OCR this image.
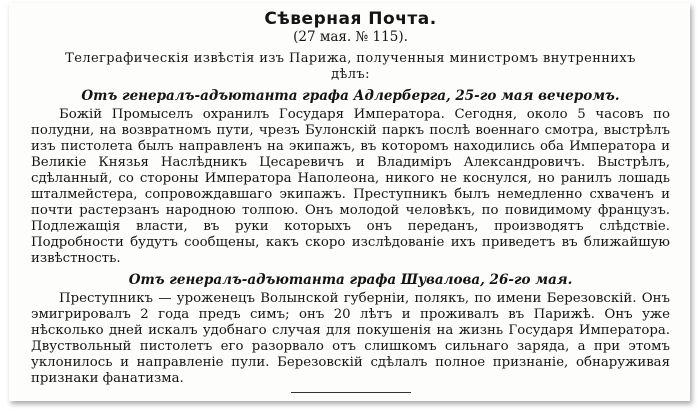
Сѣверная Почта.
(27 мая. № 115).
Телеграфическія извѣстія изъ Парижа, полученныя министромъ внутреннихъ дѣлъ:
Отъ генералъ-адъютанта графа Адлерберга, 25-го мая вечеромъ.

Божій Промыселъ охранилъ Государя Императора. Сегодня, около 5 часовъ по полудни, на возвратномъ пути, чрезъ Булонскій паркъ послѣ военнаго смотра, выстрѣлъ изъ пистолета былъ направленъ на экипажъ, въ которомъ находились оба Императора и Великіе Князья Наслѣдникъ Цесаревичъ и Владиміръ Александровичъ. Выстрѣлъ, сдѣланный, со стороны Императора Наполеона, никого не коснулся, но ранилъ лошадь шталмейстера, сопровождавшаго экипажъ. Преступникъ былъ немедленно схваченъ и почти растерзанъ народною толпою. Онъ молодой человѣкъ, по повидимому французъ. Подлежащія власти, въ руки которыхъ онъ переданъ, производятъ слѣдствіе. Подробности будутъ сообщены, какъ скоро изслѣдованіе ихъ приведетъ въ ближайшую извѣстность.

Отъ генералъ-адъютанта графа Шувалова, 26-го мая.

Преступникъ — уроженецъ Волынской губерніи, полякъ, по имени Березовскій. Онъ эмигрировалъ 2 года предъ симъ; онъ 20 лѣтъ и проживалъ въ Парижѣ. Онъ уже нѣсколько дней искалъ удобнаго случая для покушенія на жизнь Государя Императора. Двуствольный пистолетъ его разорвало отъ слишкомъ сильнаго заряда, а при этомъ уклонилось и направленіе пули. Березовскій сдѣлалъ полное признаніе, обнаруживая признаки фанатизма.
